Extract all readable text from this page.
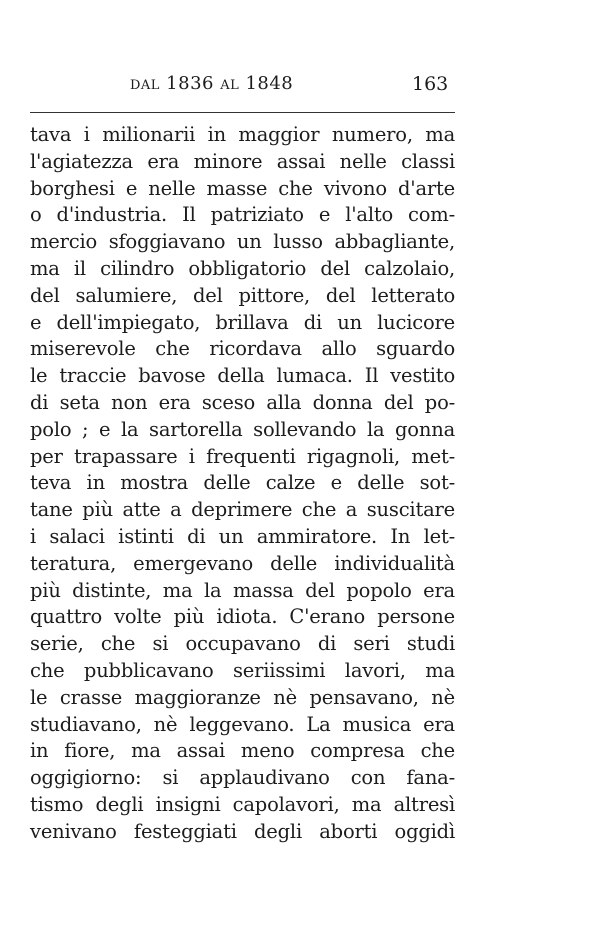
dal 1836 al 1848	163
tava i milionarii in maggior numero, ma
l'agiatezza era minore assai nelle classi
borghesi e nelle masse che vivono d'arte
o d'industria. Il patriziato e l'alto com-
mercio sfoggiavano un lusso abbagliante,
ma il cilindro obbligatorio del calzolaio,
del salumiere, del pittore, del letterato
e dell'impiegato, brillava di un lucicore
miserevole che ricordava allo sguardo
le traccie bavose della lumaca. Il vestito
di seta non era sceso alla donna del po-
polo ; e la sartorella sollevando la gonna
per trapassare i frequenti rigagnoli, met-
teva in mostra delle calze e delle sot-
tane più atte a deprimere che a suscitare
i salaci istinti di un ammiratore. In let-
teratura, emergevano delle individualità
più distinte, ma la massa del popolo era
quattro volte più idiota. C'erano persone
serie, che si occupavano di seri studi
che pubblicavano seriissimi lavori, ma
le crasse maggioranze nè pensavano, nè
studiavano, nè leggevano. La musica era
in fiore, ma assai meno compresa che
oggigiorno: si applaudivano con fana-
tismo degli insigni capolavori, ma altresì
venivano festeggiati degli aborti oggidì
